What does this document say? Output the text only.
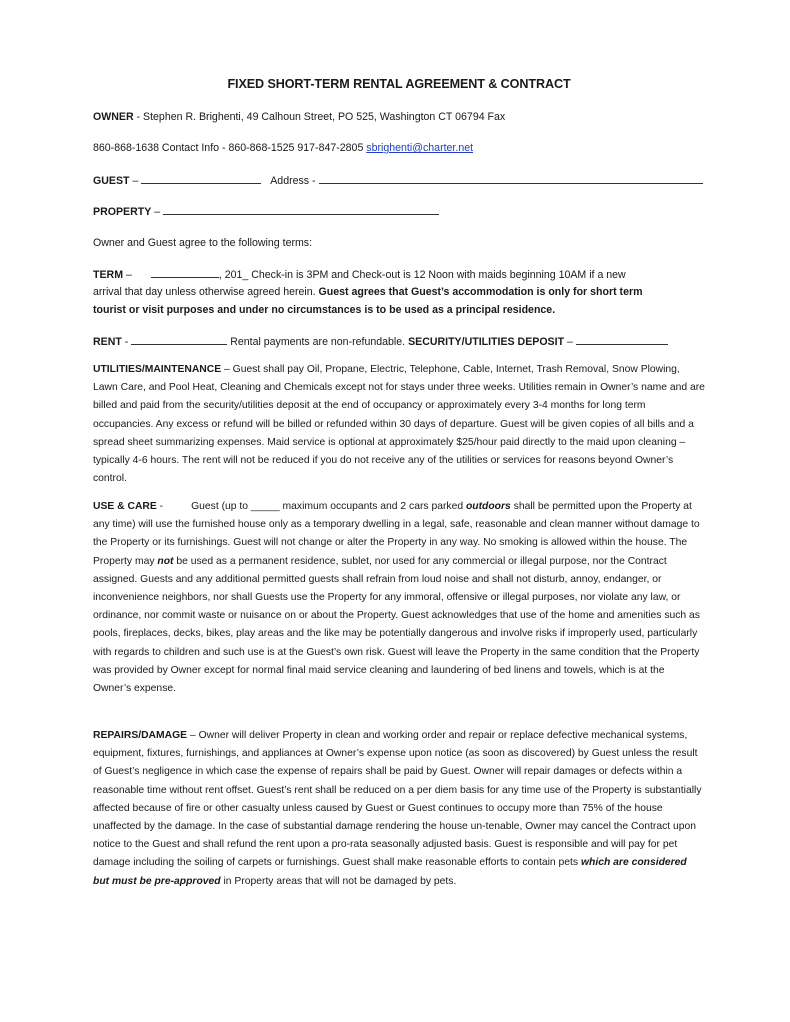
FIXED SHORT-TERM RENTAL AGREEMENT & CONTRACT
OWNER - Stephen R. Brighenti, 49 Calhoun Street, PO 525, Washington CT 06794 Fax
860-868-1638 Contact Info - 860-868-1525 917-847-2805 sbrighenti@charter.net
GUEST –	Address -
PROPERTY –
Owner and Guest agree to the following terms:
TERM –	, 201_ Check-in is 3PM and Check-out is 12 Noon with maids beginning 10AM if a new
arrival that day unless otherwise agreed herein. Guest agrees that Guest’s accommodation is only for short term
tourist or visit purposes and under no circumstances is to be used as a principal residence.
RENT -	Rental payments are non-refundable. SECURITY/UTILITIES DEPOSIT –

UTILITIES/MAINTENANCE – Guest shall pay Oil, Propane, Electric, Telephone, Cable, Internet, Trash Removal, Snow Plowing, Lawn Care, and Pool Heat, Cleaning and Chemicals except not for stays under three weeks. Utilities remain in Owner’s name and are billed and paid from the security/utilities deposit at the end of occupancy or approximately every 3-4 months for long term occupancies. Any excess or refund will be billed or refunded within 30 days of departure. Guest will be given copies of all bills and a spread sheet summarizing expenses. Maid service is optional at approximately $25/hour paid directly to the maid upon cleaning – typically 4-6 hours. The rent will not be reduced if you do not receive any of the utilities or services for reasons beyond Owner’s control.

USE & CARE -	Guest (up to _____ maximum occupants and 2 cars parked outdoors shall be permitted upon the Property at any time) will use the furnished house only as a temporary dwelling in a legal, safe, reasonable and clean manner without damage to the Property or its furnishings. Guest will not change or alter the Property in any way. No smoking is allowed within the house. The Property may not be used as a permanent residence, sublet, nor used for any commercial or illegal purpose, nor the Contract assigned. Guests and any additional permitted guests shall refrain from loud noise and shall not disturb, annoy, endanger, or inconvenience neighbors, nor shall Guests use the Property for any immoral, offensive or illegal purposes, nor violate any law, or ordinance, nor commit waste or nuisance on or about the Property. Guest acknowledges that use of the home and amenities such as pools, fireplaces, decks, bikes, play areas and the like may be potentially dangerous and involve risks if improperly used, particularly with regards to children and such use is at the Guest’s own risk. Guest will leave the Property in the same condition that the Property was provided by Owner except for normal final maid service cleaning and laundering of bed linens and towels, which is at the Owner’s expense.

REPAIRS/DAMAGE – Owner will deliver Property in clean and working order and repair or replace defective mechanical systems, equipment, fixtures, furnishings, and appliances at Owner’s expense upon notice (as soon as discovered) by Guest unless the result of Guest’s negligence in which case the expense of repairs shall be paid by Guest. Owner will repair damages or defects within a reasonable time without rent offset. Guest’s rent shall be reduced on a per diem basis for any time use of the Property is substantially affected because of fire or other casualty unless caused by Guest or Guest continues to occupy more than 75% of the house unaffected by the damage. In the case of substantial damage rendering the house un-tenable, Owner may cancel the Contract upon notice to the Guest and shall refund the rent upon a pro-rata seasonally adjusted basis. Guest is responsible and will pay for pet damage including the soiling of carpets or furnishings. Guest shall make reasonable efforts to contain pets which are considered but must be pre-approved in Property areas that will not be damaged by pets.
